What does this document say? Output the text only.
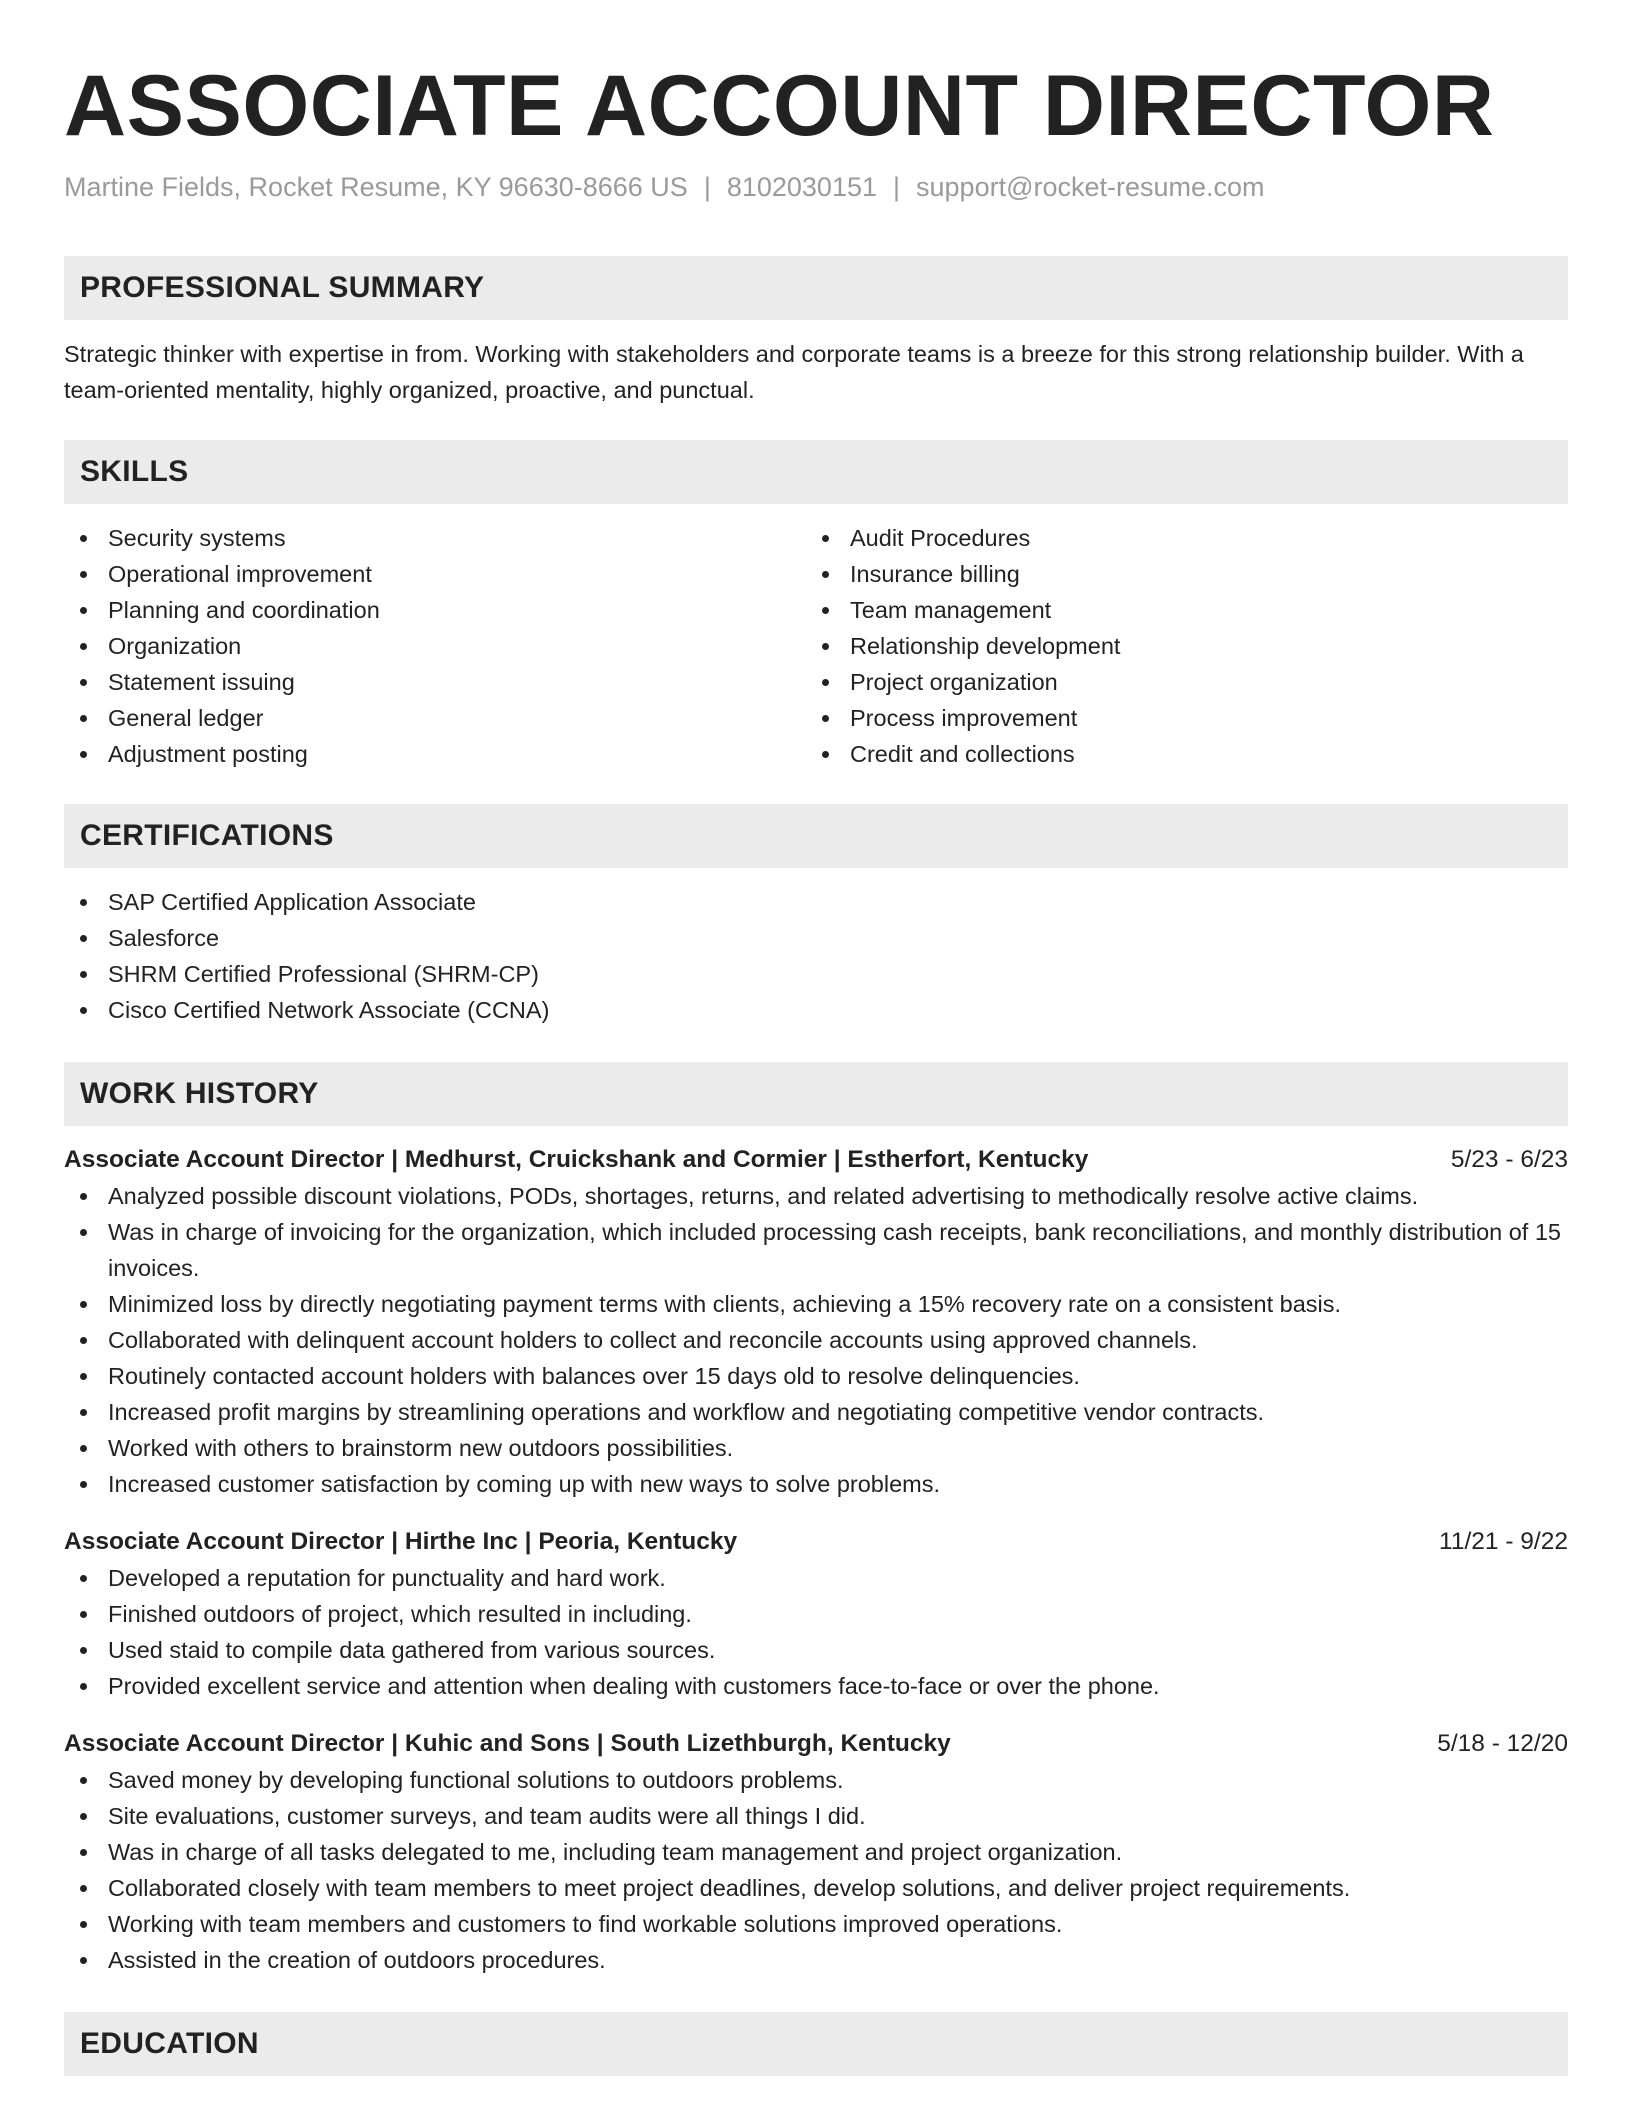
ASSOCIATE ACCOUNT DIRECTOR
Martine Fields, Rocket Resume, KY 96630-8666 US | 8102030151 | support@rocket-resume.com
PROFESSIONAL SUMMARY

Strategic thinker with expertise in from. Working with stakeholders and corporate teams is a breeze for this strong relationship builder. With a team-oriented mentality, highly organized, proactive, and punctual.

SKILLS
Security systems
Operational improvement
Planning and coordination
Organization
Statement issuing
General ledger
Adjustment posting
Audit Procedures
Insurance billing
Team management
Relationship development
Project organization
Process improvement
Credit and collections
CERTIFICATIONS
SAP Certified Application Associate
Salesforce
SHRM Certified Professional (SHRM-CP)
Cisco Certified Network Associate (CCNA)
WORK HISTORY
Associate Account Director | Medhurst, Cruickshank and Cormier | Estherfort, Kentucky	5/23 - 6/23
Analyzed possible discount violations, PODs, shortages, returns, and related advertising to methodically resolve active claims.
Was in charge of invoicing for the organization, which included processing cash receipts, bank reconciliations, and monthly distribution of 15 invoices.
Minimized loss by directly negotiating payment terms with clients, achieving a 15% recovery rate on a consistent basis.
Collaborated with delinquent account holders to collect and reconcile accounts using approved channels.
Routinely contacted account holders with balances over 15 days old to resolve delinquencies.
Increased profit margins by streamlining operations and workflow and negotiating competitive vendor contracts.
Worked with others to brainstorm new outdoors possibilities.
Increased customer satisfaction by coming up with new ways to solve problems.
Associate Account Director | Hirthe Inc | Peoria, Kentucky	11/21 - 9/22
Developed a reputation for punctuality and hard work.
Finished outdoors of project, which resulted in including.
Used staid to compile data gathered from various sources.
Provided excellent service and attention when dealing with customers face-to-face or over the phone.
Associate Account Director | Kuhic and Sons | South Lizethburgh, Kentucky	5/18 - 12/20
Saved money by developing functional solutions to outdoors problems.
Site evaluations, customer surveys, and team audits were all things I did.
Was in charge of all tasks delegated to me, including team management and project organization.
Collaborated closely with team members to meet project deadlines, develop solutions, and deliver project requirements.
Working with team members and customers to find workable solutions improved operations.
Assisted in the creation of outdoors procedures.
EDUCATION
